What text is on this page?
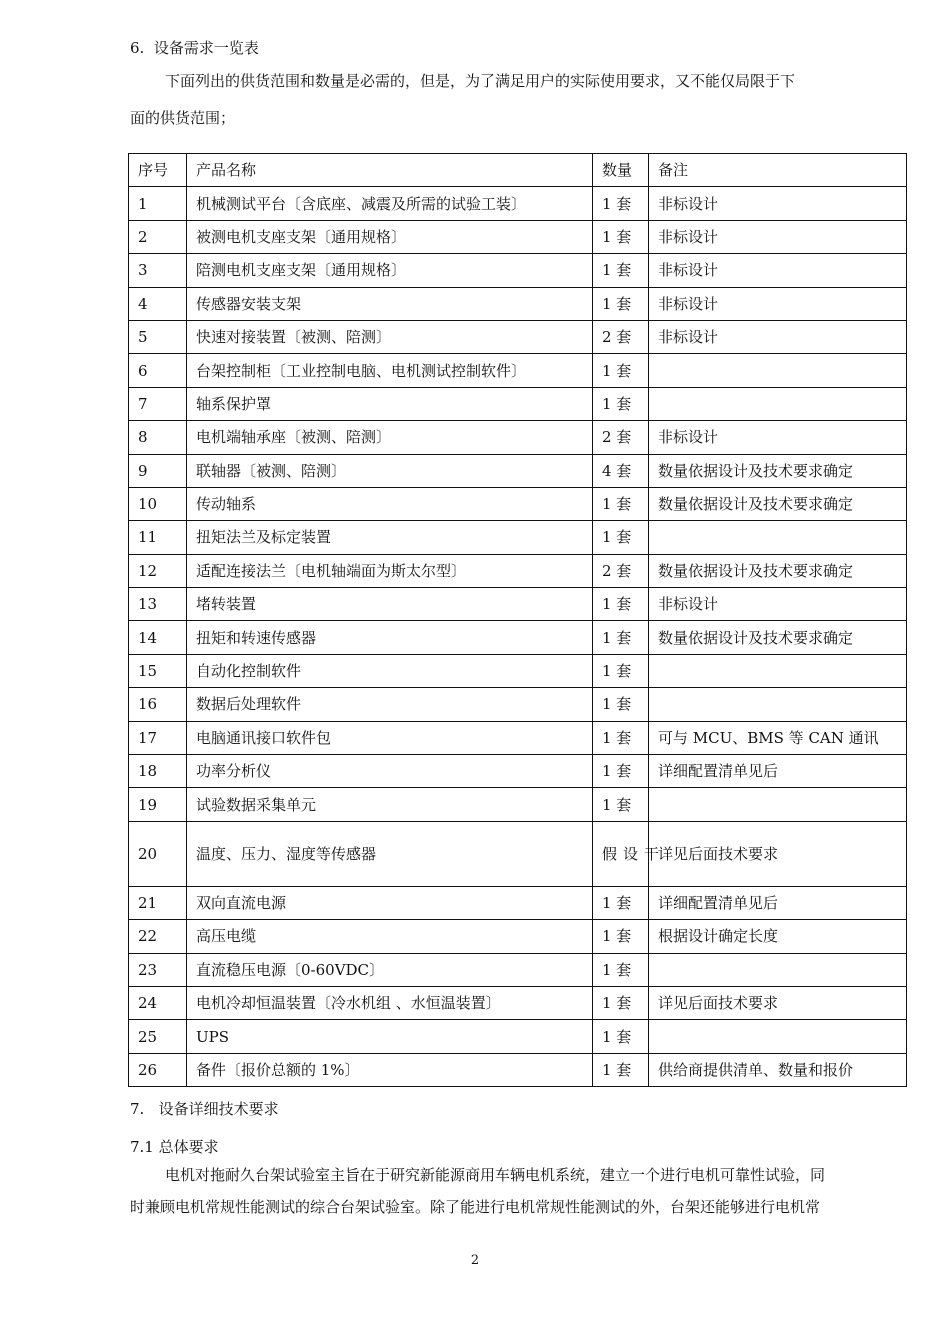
6. 设备需求一览表
下面列出的供货范围和数量是必需的，但是，为了满足用户的实际使用要求，又不能仅局限于下
面的供货范围；
序号	产品名称	数量	备注
1	机械测试平台〔含底座、减震及所需的试验工装〕	1 套	非标设计
2	被测电机支座支架〔通用规格〕	1 套	非标设计
3	陪测电机支座支架〔通用规格〕	1 套	非标设计
4	传感器安装支架	1 套	非标设计
5	快速对接装置〔被测、陪测〕	2 套	非标设计
6	台架控制柜〔工业控制电脑、电机测试控制软件〕	1 套	
7	轴系保护罩	1 套	
8	电机端轴承座〔被测、陪测〕	2 套	非标设计
9	联轴器〔被测、陪测〕	4 套	数量依据设计及技术要求确定
10	传动轴系	1 套	数量依据设计及技术要求确定
11	扭矩法兰及标定装置	1 套	
12	适配连接法兰〔电机轴端面为斯太尔型〕	2 套	数量依据设计及技术要求确定
13	堵转装置	1 套	非标设计
14	扭矩和转速传感器	1 套	数量依据设计及技术要求确定
15	自动化控制软件	1 套	
16	数据后处理软件	1 套	
17	电脑通讯接口软件包	1 套	可与 MCU、BMS 等 CAN 通讯
18	功率分析仪	1 套	详细配置清单见后
19	试验数据采集单元	1 套	
20	温度、压力、湿度等传感器	假设干	详见后面技术要求
21	双向直流电源	1 套	详细配置清单见后
22	高压电缆	1 套	根据设计确定长度
23	直流稳压电源〔0-60VDC〕	1 套	
24	电机冷却恒温装置〔冷水机组 、水恒温装置〕	1 套	详见后面技术要求
25	UPS	1 套	
26	备件〔报价总额的 1%〕	1 套	供给商提供清单、数量和报价
7. 设备详细技术要求
7.1 总体要求
电机对拖耐久台架试验室主旨在于研究新能源商用车辆电机系统，建立一个进行电机可靠性试验，同
时兼顾电机常规性能测试的综合台架试验室。除了能进行电机常规性能测试的外，台架还能够进行电机常
2
